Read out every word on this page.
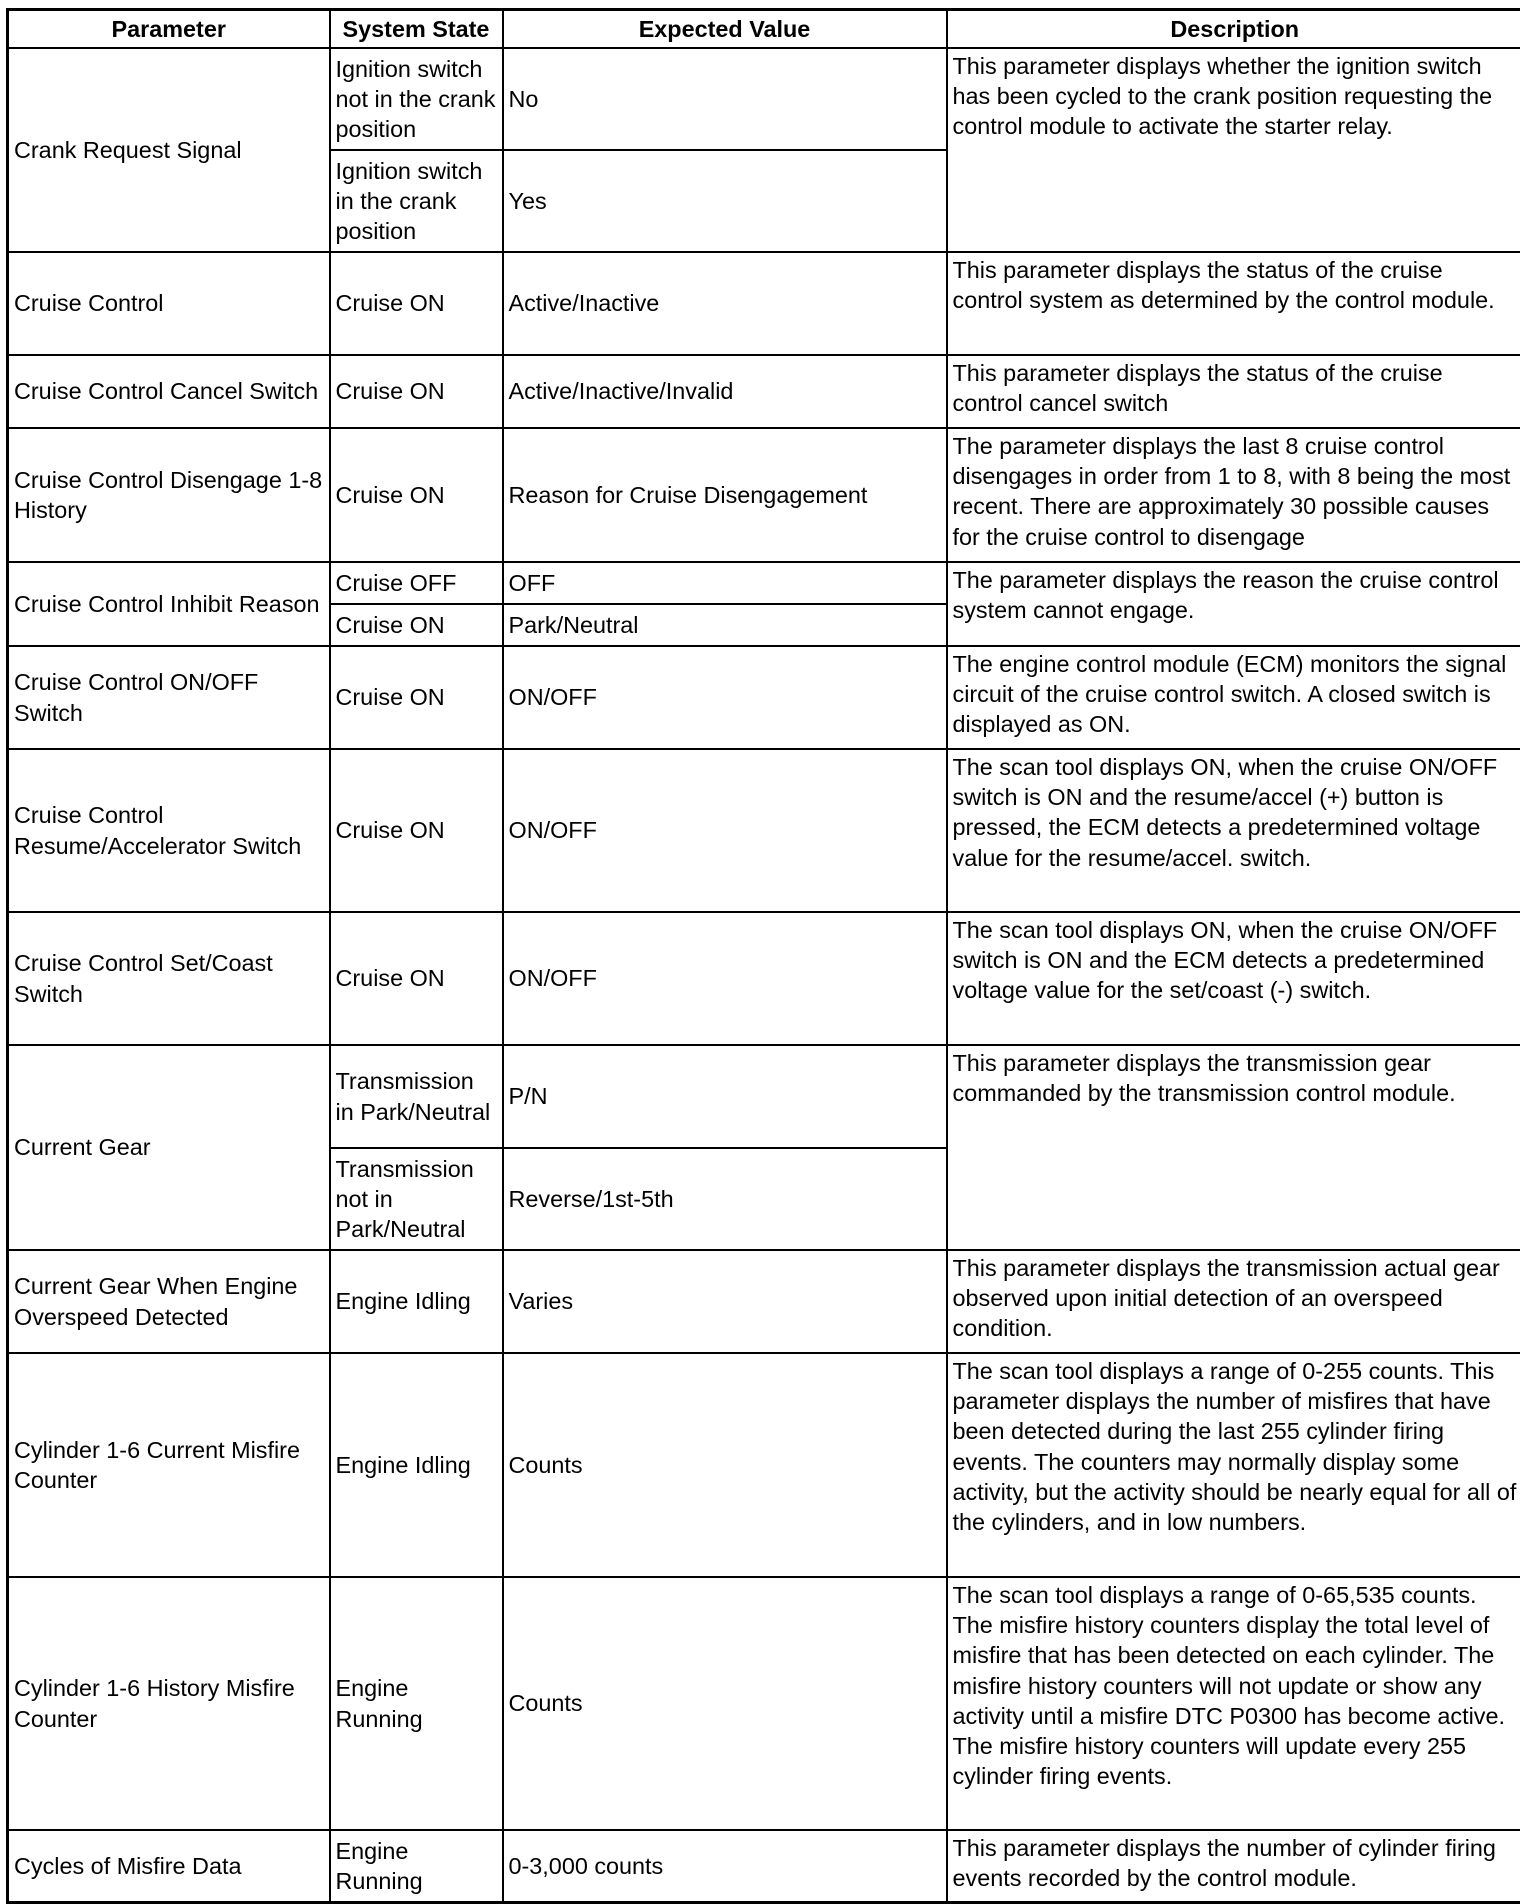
Parameter	System State	Expected Value	Description
Crank Request Signal	Ignition switch not in the crank position	No	This parameter displays whether the ignition switch has been cycled to the crank position requesting the control module to activate the starter relay.
	Ignition switch in the crank position	Yes	
Cruise Control	Cruise ON	Active/Inactive	This parameter displays the status of the cruise control system as determined by the control module.
Cruise Control Cancel Switch	Cruise ON	Active/Inactive/Invalid	This parameter displays the status of the cruise control cancel switch
Cruise Control Disengage 1-8 History	Cruise ON	Reason for Cruise Disengagement	The parameter displays the last 8 cruise control disengages in order from 1 to 8, with 8 being the most recent. There are approximately 30 possible causes for the cruise control to disengage
Cruise Control Inhibit Reason	Cruise OFF	OFF	The parameter displays the reason the cruise control system cannot engage.
	Cruise ON	Park/Neutral	
Cruise Control ON/OFF Switch	Cruise ON	ON/OFF	The engine control module (ECM) monitors the signal circuit of the cruise control switch. A closed switch is displayed as ON.
Cruise Control Resume/Accelerator Switch	Cruise ON	ON/OFF	The scan tool displays ON, when the cruise ON/OFF switch is ON and the resume/accel (+) button is pressed, the ECM detects a predetermined voltage value for the resume/accel. switch.
Cruise Control Set/Coast Switch	Cruise ON	ON/OFF	The scan tool displays ON, when the cruise ON/OFF switch is ON and the ECM detects a predetermined voltage value for the set/coast (-) switch.
Current Gear	Transmission in Park/Neutral	P/N	This parameter displays the transmission gear commanded by the transmission control module.
	Transmission not in Park/Neutral	Reverse/1st-5th	
Current Gear When Engine Overspeed Detected	Engine Idling	Varies	This parameter displays the transmission actual gear observed upon initial detection of an overspeed condition.
Cylinder 1-6 Current Misfire Counter	Engine Idling	Counts	The scan tool displays a range of 0-255 counts. This parameter displays the number of misfires that have been detected during the last 255 cylinder firing events. The counters may normally display some activity, but the activity should be nearly equal for all of the cylinders, and in low numbers.
Cylinder 1-6 History Misfire Counter	Engine Running	Counts	The scan tool displays a range of 0-65,535 counts. The misfire history counters display the total level of misfire that has been detected on each cylinder. The misfire history counters will not update or show any activity until a misfire DTC P0300 has become active. The misfire history counters will update every 255 cylinder firing events.
Cycles of Misfire Data	Engine Running	0-3,000 counts	This parameter displays the number of cylinder firing events recorded by the control module.
